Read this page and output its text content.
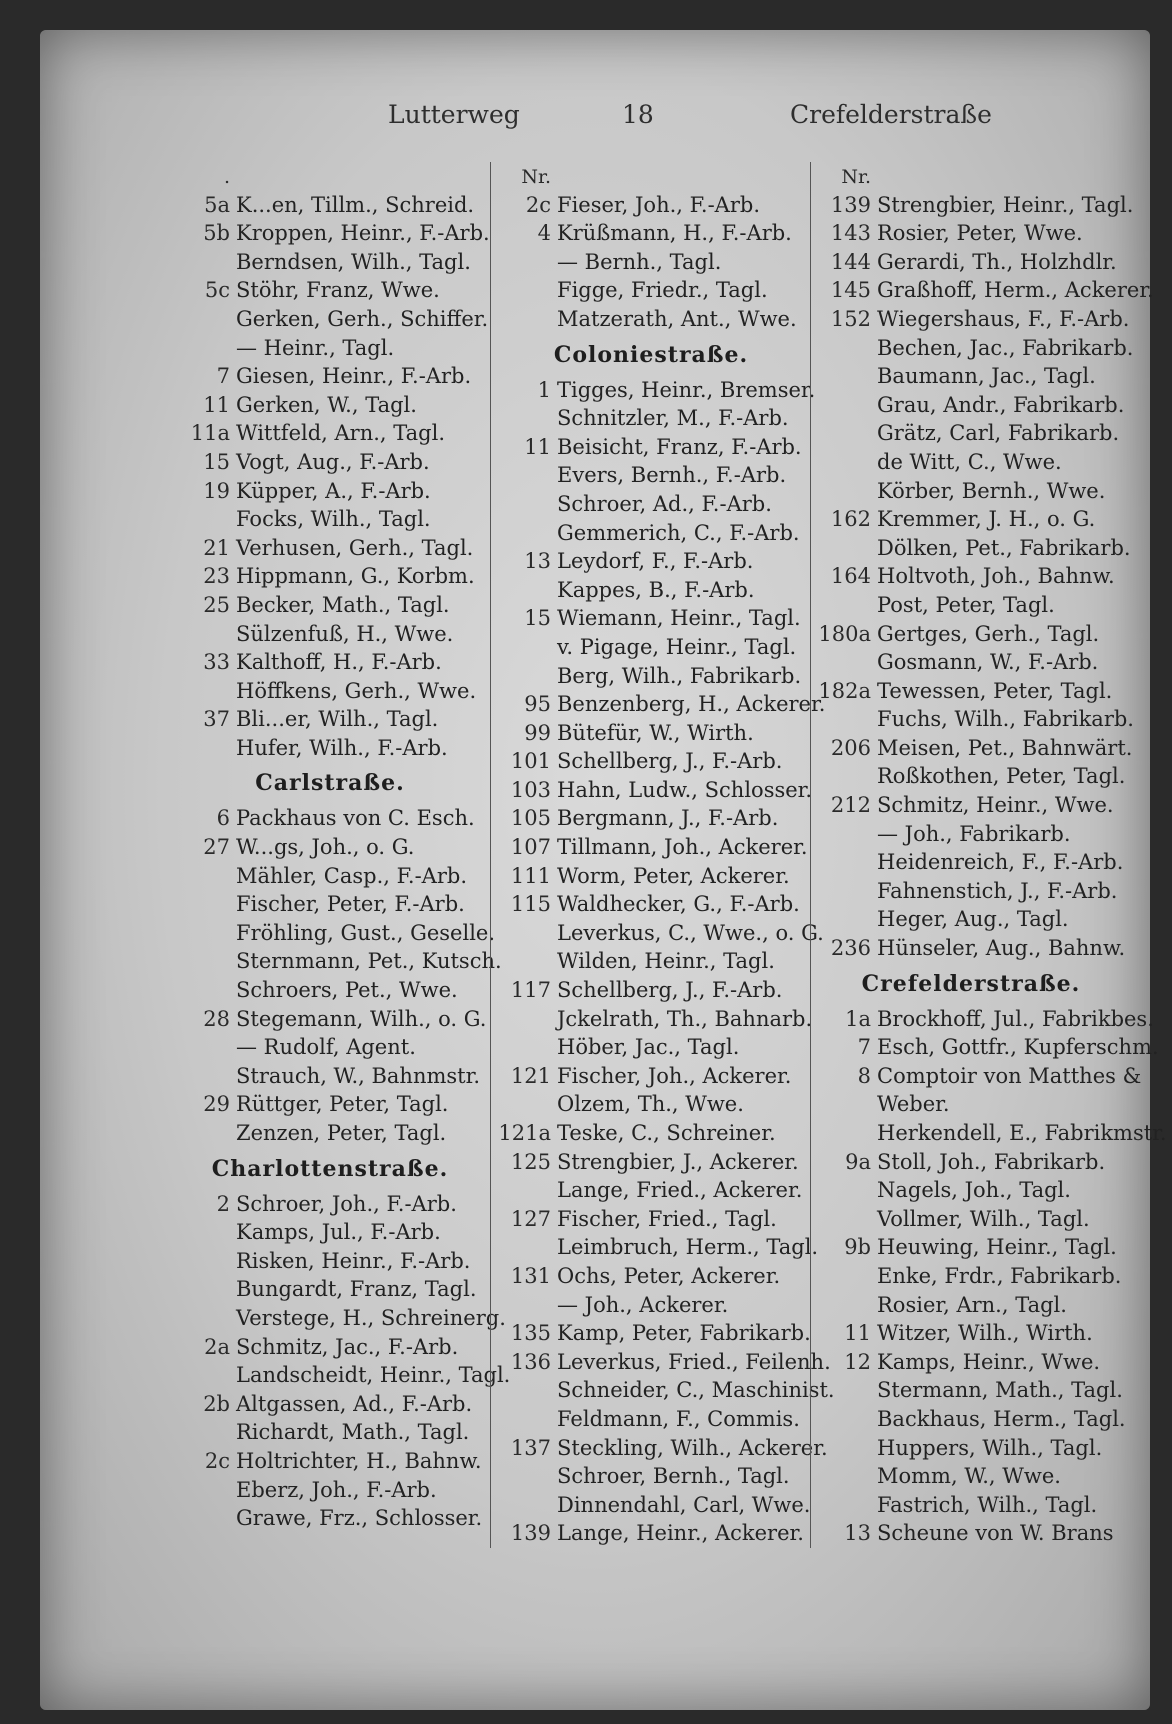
Lutterweg	18	Crefelderstraße
.
5a K...en, Tillm., Schreid.
5b Kroppen, Heinr., F.-Arb.
Berndsen, Wilh., Tagl.
5c Stöhr, Franz, Wwe.
Gerken, Gerh., Schiffer.
— Heinr., Tagl.
7 Giesen, Heinr., F.-Arb.
11 Gerken, W., Tagl.
11a Wittfeld, Arn., Tagl.
15 Vogt, Aug., F.-Arb.
19 Küpper, A., F.-Arb.
Focks, Wilh., Tagl.
21 Verhusen, Gerh., Tagl.
23 Hippmann, G., Korbm.
25 Becker, Math., Tagl.
Sülzenfuß, H., Wwe.
33 Kalthoff, H., F.-Arb.
Höffkens, Gerh., Wwe.
37 Bli...er, Wilh., Tagl.
Hufer, Wilh., F.-Arb.
Carlstraße.
6 Packhaus von C. Esch.
27 W...gs, Joh., o. G.
Mähler, Casp., F.-Arb.
Fischer, Peter, F.-Arb.
Fröhling, Gust., Geselle.
Sternmann, Pet., Kutsch.
Schroers, Pet., Wwe.
28 Stegemann, Wilh., o. G.
— Rudolf, Agent.
Strauch, W., Bahnmstr.
29 Rüttger, Peter, Tagl.
Zenzen, Peter, Tagl.
Charlottenstraße.
2 Schroer, Joh., F.-Arb.
Kamps, Jul., F.-Arb.
Risken, Heinr., F.-Arb.
Bungardt, Franz, Tagl.
Verstege, H., Schreinerg.
2a Schmitz, Jac., F.-Arb.
Landscheidt, Heinr., Tagl.
2b Altgassen, Ad., F.-Arb.
Richardt, Math., Tagl.
2c Holtrichter, H., Bahnw.
Eberz, Joh., F.-Arb.
Grawe, Frz., Schlosser.
Nr.
2c Fieser, Joh., F.-Arb.
4 Krüßmann, H., F.-Arb.
— Bernh., Tagl.
Figge, Friedr., Tagl.
Matzerath, Ant., Wwe.
Coloniestraße.
1 Tigges, Heinr., Bremser.
Schnitzler, M., F.-Arb.
11 Beisicht, Franz, F.-Arb.
Evers, Bernh., F.-Arb.
Schroer, Ad., F.-Arb.
Gemmerich, C., F.-Arb.
13 Leydorf, F., F.-Arb.
Kappes, B., F.-Arb.
15 Wiemann, Heinr., Tagl.
v. Pigage, Heinr., Tagl.
Berg, Wilh., Fabrikarb.
95 Benzenberg, H., Ackerer.
99 Bütefür, W., Wirth.
101 Schellberg, J., F.-Arb.
103 Hahn, Ludw., Schlosser.
105 Bergmann, J., F.-Arb.
107 Tillmann, Joh., Ackerer.
111 Worm, Peter, Ackerer.
115 Waldhecker, G., F.-Arb.
Leverkus, C., Wwe., o. G.
Wilden, Heinr., Tagl.
117 Schellberg, J., F.-Arb.
Jckelrath, Th., Bahnarb.
Höber, Jac., Tagl.
121 Fischer, Joh., Ackerer.
Olzem, Th., Wwe.
121a Teske, C., Schreiner.
125 Strengbier, J., Ackerer.
Lange, Fried., Ackerer.
127 Fischer, Fried., Tagl.
Leimbruch, Herm., Tagl.
131 Ochs, Peter, Ackerer.
— Joh., Ackerer.
135 Kamp, Peter, Fabrikarb.
136 Leverkus, Fried., Feilenh.
Schneider, C., Maschinist.
Feldmann, F., Commis.
137 Steckling, Wilh., Ackerer.
Schroer, Bernh., Tagl.
Dinnendahl, Carl, Wwe.
139 Lange, Heinr., Ackerer.
Nr.
139 Strengbier, Heinr., Tagl.
143 Rosier, Peter, Wwe.
144 Gerardi, Th., Holzhdlr.
145 Graßhoff, Herm., Ackerer.
152 Wiegershaus, F., F.-Arb.
Bechen, Jac., Fabrikarb.
Baumann, Jac., Tagl.
Grau, Andr., Fabrikarb.
Grätz, Carl, Fabrikarb.
de Witt, C., Wwe.
Körber, Bernh., Wwe.
162 Kremmer, J. H., o. G.
Dölken, Pet., Fabrikarb.
164 Holtvoth, Joh., Bahnw.
Post, Peter, Tagl.
180a Gertges, Gerh., Tagl.
Gosmann, W., F.-Arb.
182a Tewessen, Peter, Tagl.
Fuchs, Wilh., Fabrikarb.
206 Meisen, Pet., Bahnwärt.
Roßkothen, Peter, Tagl.
212 Schmitz, Heinr., Wwe.
— Joh., Fabrikarb.
Heidenreich, F., F.-Arb.
Fahnenstich, J., F.-Arb.
Heger, Aug., Tagl.
236 Hünseler, Aug., Bahnw.
Crefelderstraße.
1a Brockhoff, Jul., Fabrikbes.
7 Esch, Gottfr., Kupferschm.
8 Comptoir von Matthes &
Weber.
Herkendell, E., Fabrikmstr.
9a Stoll, Joh., Fabrikarb.
Nagels, Joh., Tagl.
Vollmer, Wilh., Tagl.
9b Heuwing, Heinr., Tagl.
Enke, Frdr., Fabrikarb.
Rosier, Arn., Tagl.
11 Witzer, Wilh., Wirth.
12 Kamps, Heinr., Wwe.
Stermann, Math., Tagl.
Backhaus, Herm., Tagl.
Huppers, Wilh., Tagl.
Momm, W., Wwe.
Fastrich, Wilh., Tagl.
13 Scheune von W. Brans
